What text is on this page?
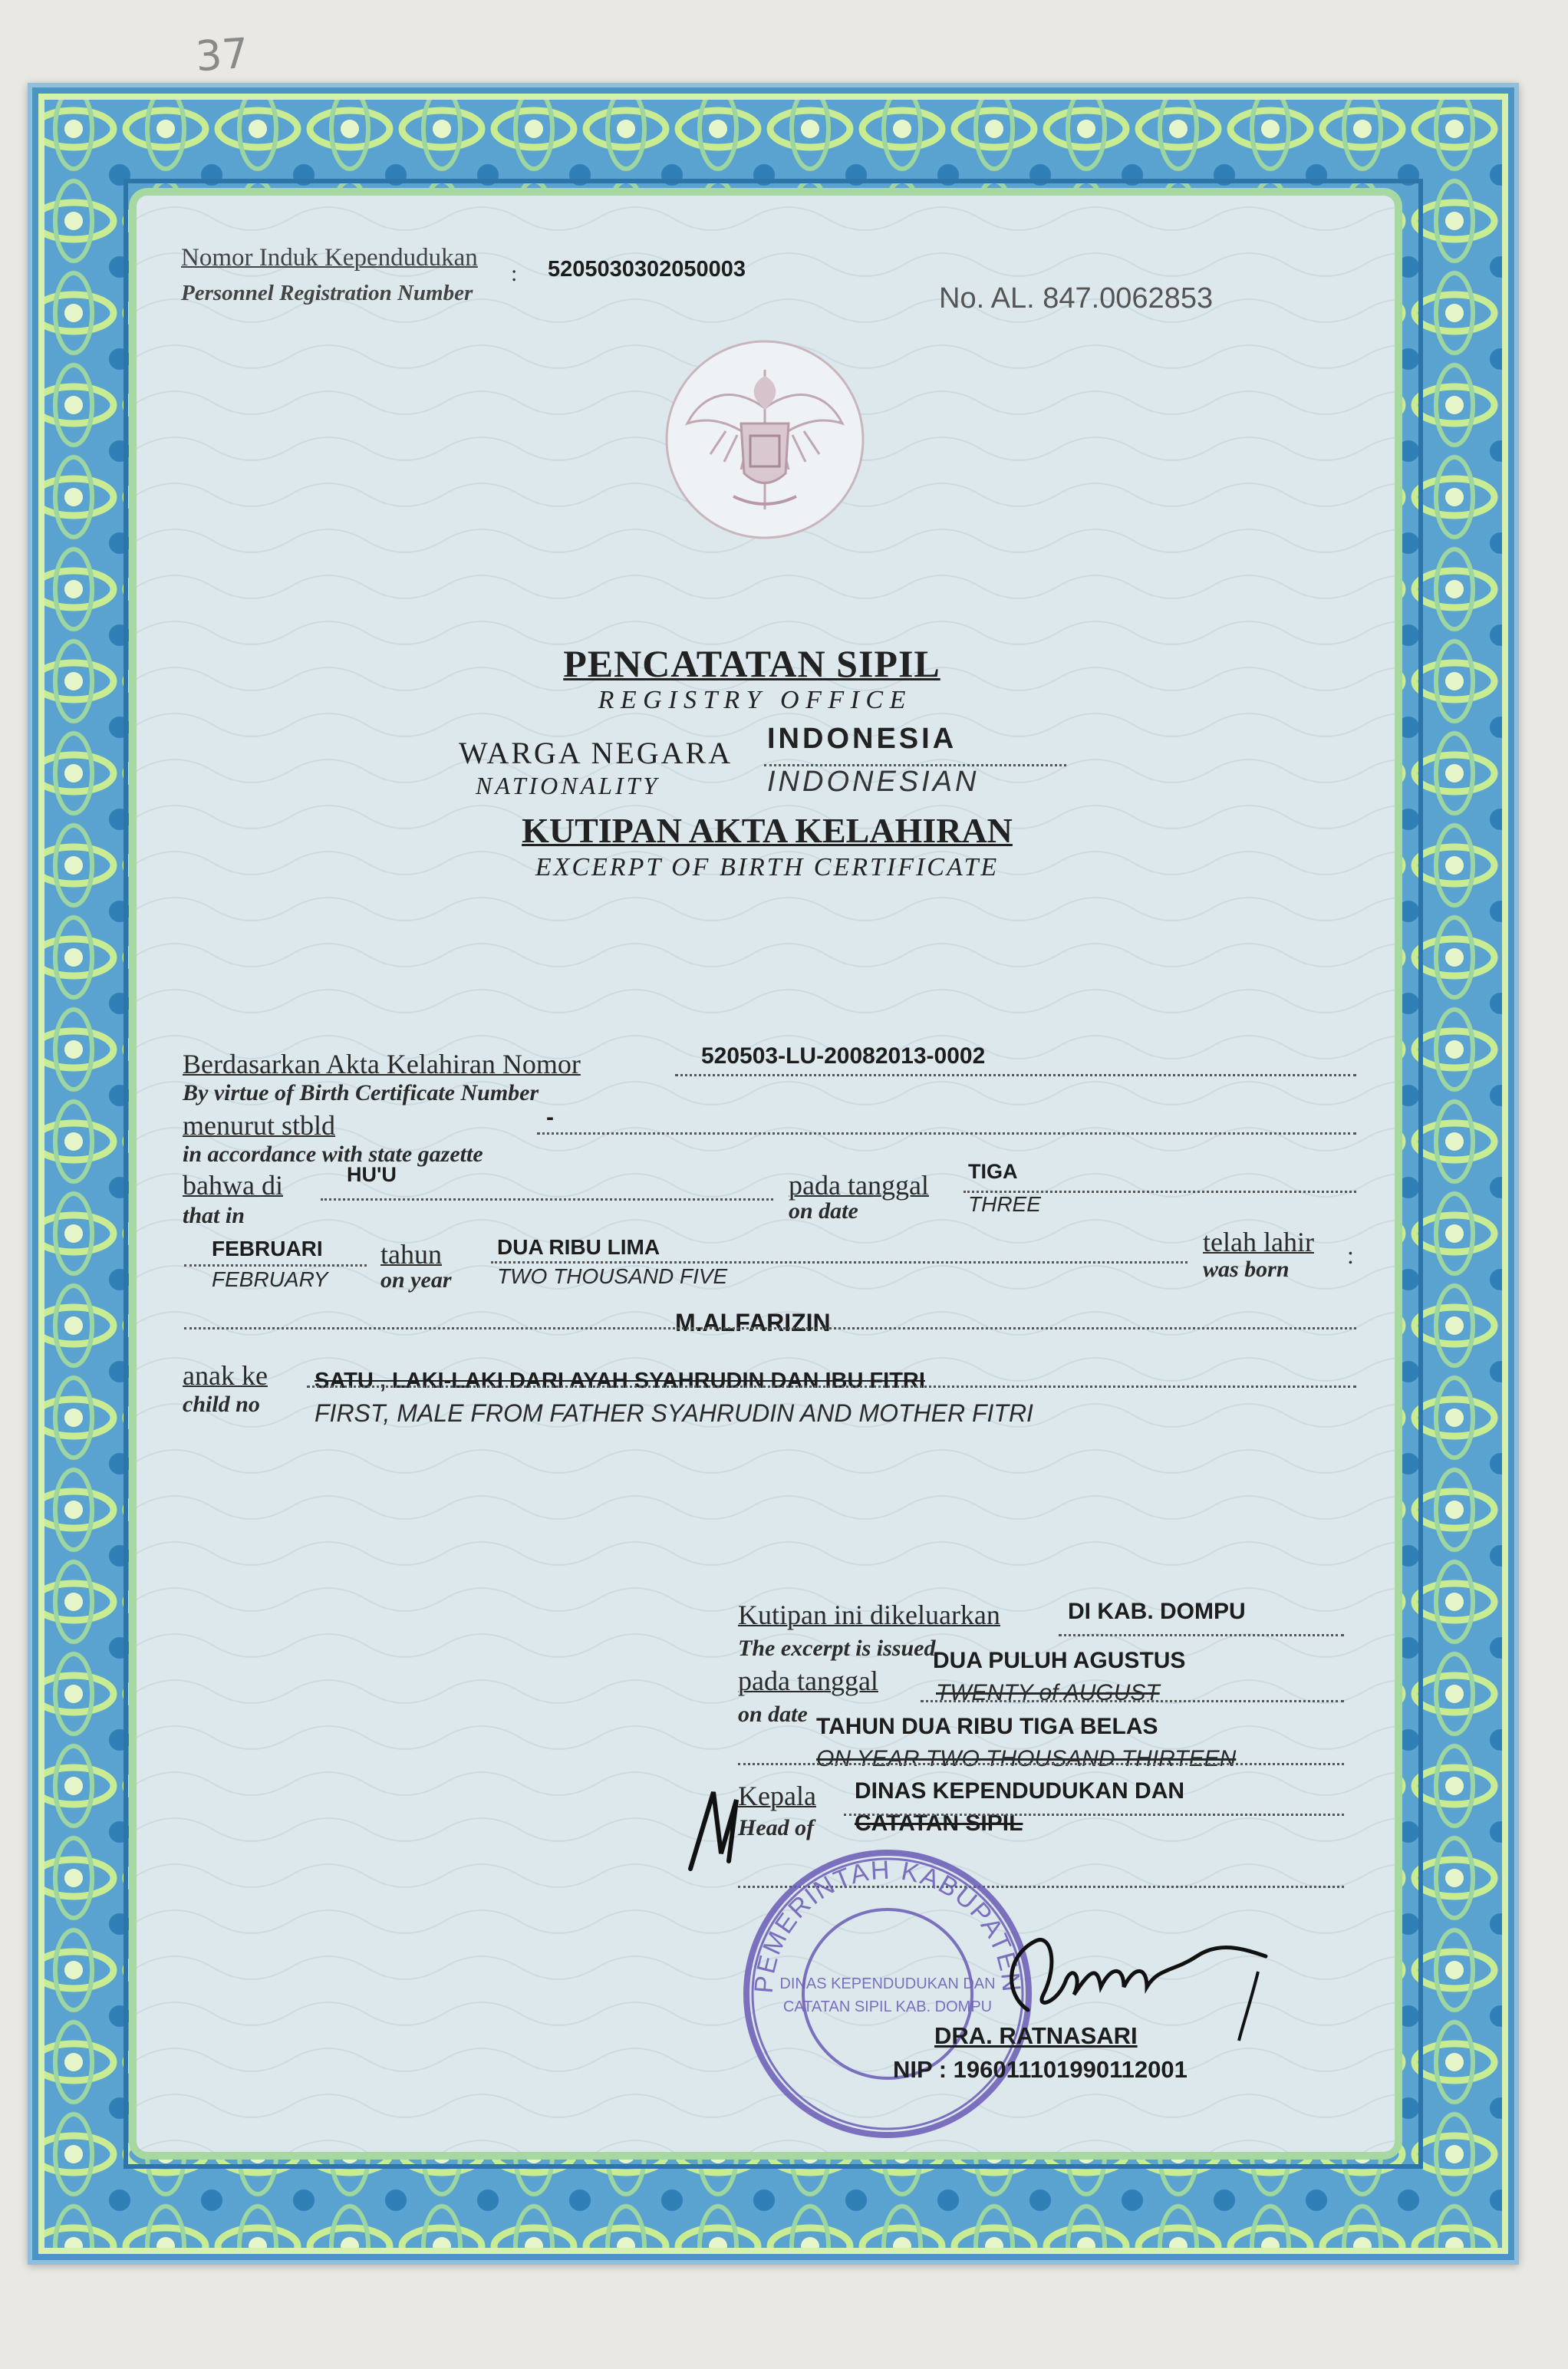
37
Nomor Induk Kependudukan
Personnel Registration Number
: 5205030302050003
No. AL. 847.0062853
PENCATATAN SIPIL
R E G I S T R Y   O F F I C E
WARGA NEGARA INDONESIA
NATIONALITY	INDONESIAN
KUTIPAN AKTA KELAHIRAN
EXCERPT OF BIRTH CERTIFICATE
Berdasarkan Akta Kelahiran Nomor
By virtue of Birth Certificate Number
520503-LU-20082013-0002
menurut stbld
in accordance with state gazette
-
bahwa di
that in
HU'U	pada tanggal
on date
TIGA
THREE
FEBRUARI
FEBRUARY
tahun
on year
DUA RIBU LIMA
TWO THOUSAND FIVE
telah lahir
was born
:
M.ALFARIZIN
anak ke
child no
SATU , LAKI-LAKI DARI AYAH SYAHRUDIN DAN IBU FITRI
FIRST, MALE FROM FATHER SYAHRUDIN AND MOTHER FITRI
Kutipan ini dikeluarkan
The excerpt is issued
DI KAB. DOMPU
pada tanggal
on date
DUA PULUH AGUSTUS
TWENTY of AUGUST
TAHUN DUA RIBU TIGA BELAS
ON YEAR TWO THOUSAND THIRTEEN
Kepala
Head of
DINAS KEPENDUDUKAN DAN
CATATAN SIPIL
PEMERINTAH KABUPATEN
DINAS KEPENDUDUKAN DAN
CATATAN SIPIL KAB. DOMPU
DRA. RATNASARI
NIP : 196011101990112001
